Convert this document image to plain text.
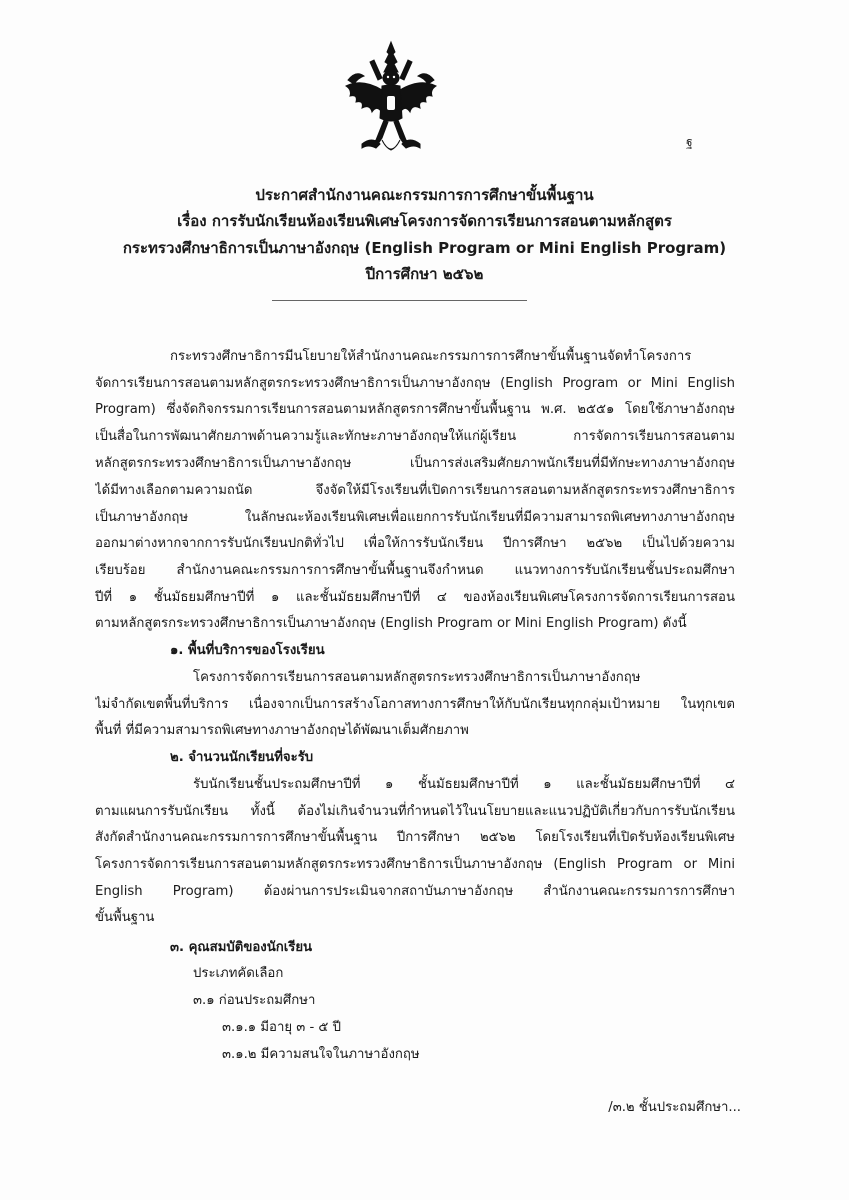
ฐ
ประกาศสำนักงานคณะกรรมการการศึกษาขั้นพื้นฐาน
เรื่อง การรับนักเรียนห้องเรียนพิเศษโครงการจัดการเรียนการสอนตามหลักสูตร
กระทรวงศึกษาธิการเป็นภาษาอังกฤษ (English Program or Mini English Program)
ปีการศึกษา ๒๕๖๒
กระทรวงศึกษาธิการมีนโยบายให้สำนักงานคณะกรรมการการศึกษาขั้นพื้นฐานจัดทำโครงการ
จัดการเรียนการสอนตามหลักสูตรกระทรวงศึกษาธิการเป็นภาษาอังกฤษ (English Program or Mini English
Program) ซึ่งจัดกิจกรรมการเรียนการสอนตามหลักสูตรการศึกษาขั้นพื้นฐาน พ.ศ. ๒๕๕๑ โดยใช้ภาษาอังกฤษ
เป็นสื่อในการพัฒนาศักยภาพด้านความรู้และทักษะภาษาอังกฤษให้แก่ผู้เรียน การจัดการเรียนการสอนตาม
หลักสูตรกระทรวงศึกษาธิการเป็นภาษาอังกฤษ เป็นการส่งเสริมศักยภาพนักเรียนที่มีทักษะทางภาษาอังกฤษ
ได้มีทางเลือกตามความถนัด จึงจัดให้มีโรงเรียนที่เปิดการเรียนการสอนตามหลักสูตรกระทรวงศึกษาธิการ
เป็นภาษาอังกฤษ ในลักษณะห้องเรียนพิเศษเพื่อแยกการรับนักเรียนที่มีความสามารถพิเศษทางภาษาอังกฤษ
ออกมาต่างหากจากการรับนักเรียนปกติทั่วไป เพื่อให้การรับนักเรียน ปีการศึกษา ๒๕๖๒ เป็นไปด้วยความ
เรียบร้อย สำนักงานคณะกรรมการการศึกษาขั้นพื้นฐานจึงกำหนด แนวทางการรับนักเรียนชั้นประถมศึกษา
ปีที่ ๑ ชั้นมัธยมศึกษาปีที่ ๑ และชั้นมัธยมศึกษาปีที่ ๔ ของห้องเรียนพิเศษโครงการจัดการเรียนการสอน
ตามหลักสูตรกระทรวงศึกษาธิการเป็นภาษาอังกฤษ (English Program or Mini English Program) ดังนี้
๑. พื้นที่บริการของโรงเรียน
โครงการจัดการเรียนการสอนตามหลักสูตรกระทรวงศึกษาธิการเป็นภาษาอังกฤษ
ไม่จำกัดเขตพื้นที่บริการ เนื่องจากเป็นการสร้างโอกาสทางการศึกษาให้กับนักเรียนทุกกลุ่มเป้าหมาย ในทุกเขต
พื้นที่ ที่มีความสามารถพิเศษทางภาษาอังกฤษได้พัฒนาเต็มศักยภาพ
๒. จำนวนนักเรียนที่จะรับ
รับนักเรียนชั้นประถมศึกษาปีที่ ๑ ชั้นมัธยมศึกษาปีที่ ๑ และชั้นมัธยมศึกษาปีที่ ๔
ตามแผนการรับนักเรียน ทั้งนี้ ต้องไม่เกินจำนวนที่กำหนดไว้ในนโยบายและแนวปฏิบัติเกี่ยวกับการรับนักเรียน
สังกัดสำนักงานคณะกรรมการการศึกษาขั้นพื้นฐาน ปีการศึกษา ๒๕๖๒ โดยโรงเรียนที่เปิดรับห้องเรียนพิเศษ
โครงการจัดการเรียนการสอนตามหลักสูตรกระทรวงศึกษาธิการเป็นภาษาอังกฤษ (English Program or Mini
English Program) ต้องผ่านการประเมินจากสถาบันภาษาอังกฤษ สำนักงานคณะกรรมการการศึกษา
ขั้นพื้นฐาน
๓. คุณสมบัติของนักเรียน
ประเภทคัดเลือก
๓.๑ ก่อนประถมศึกษา
๓.๑.๑ มีอายุ ๓ - ๕ ปี
๓.๑.๒ มีความสนใจในภาษาอังกฤษ
/๓.๒ ชั้นประถมศึกษา...
